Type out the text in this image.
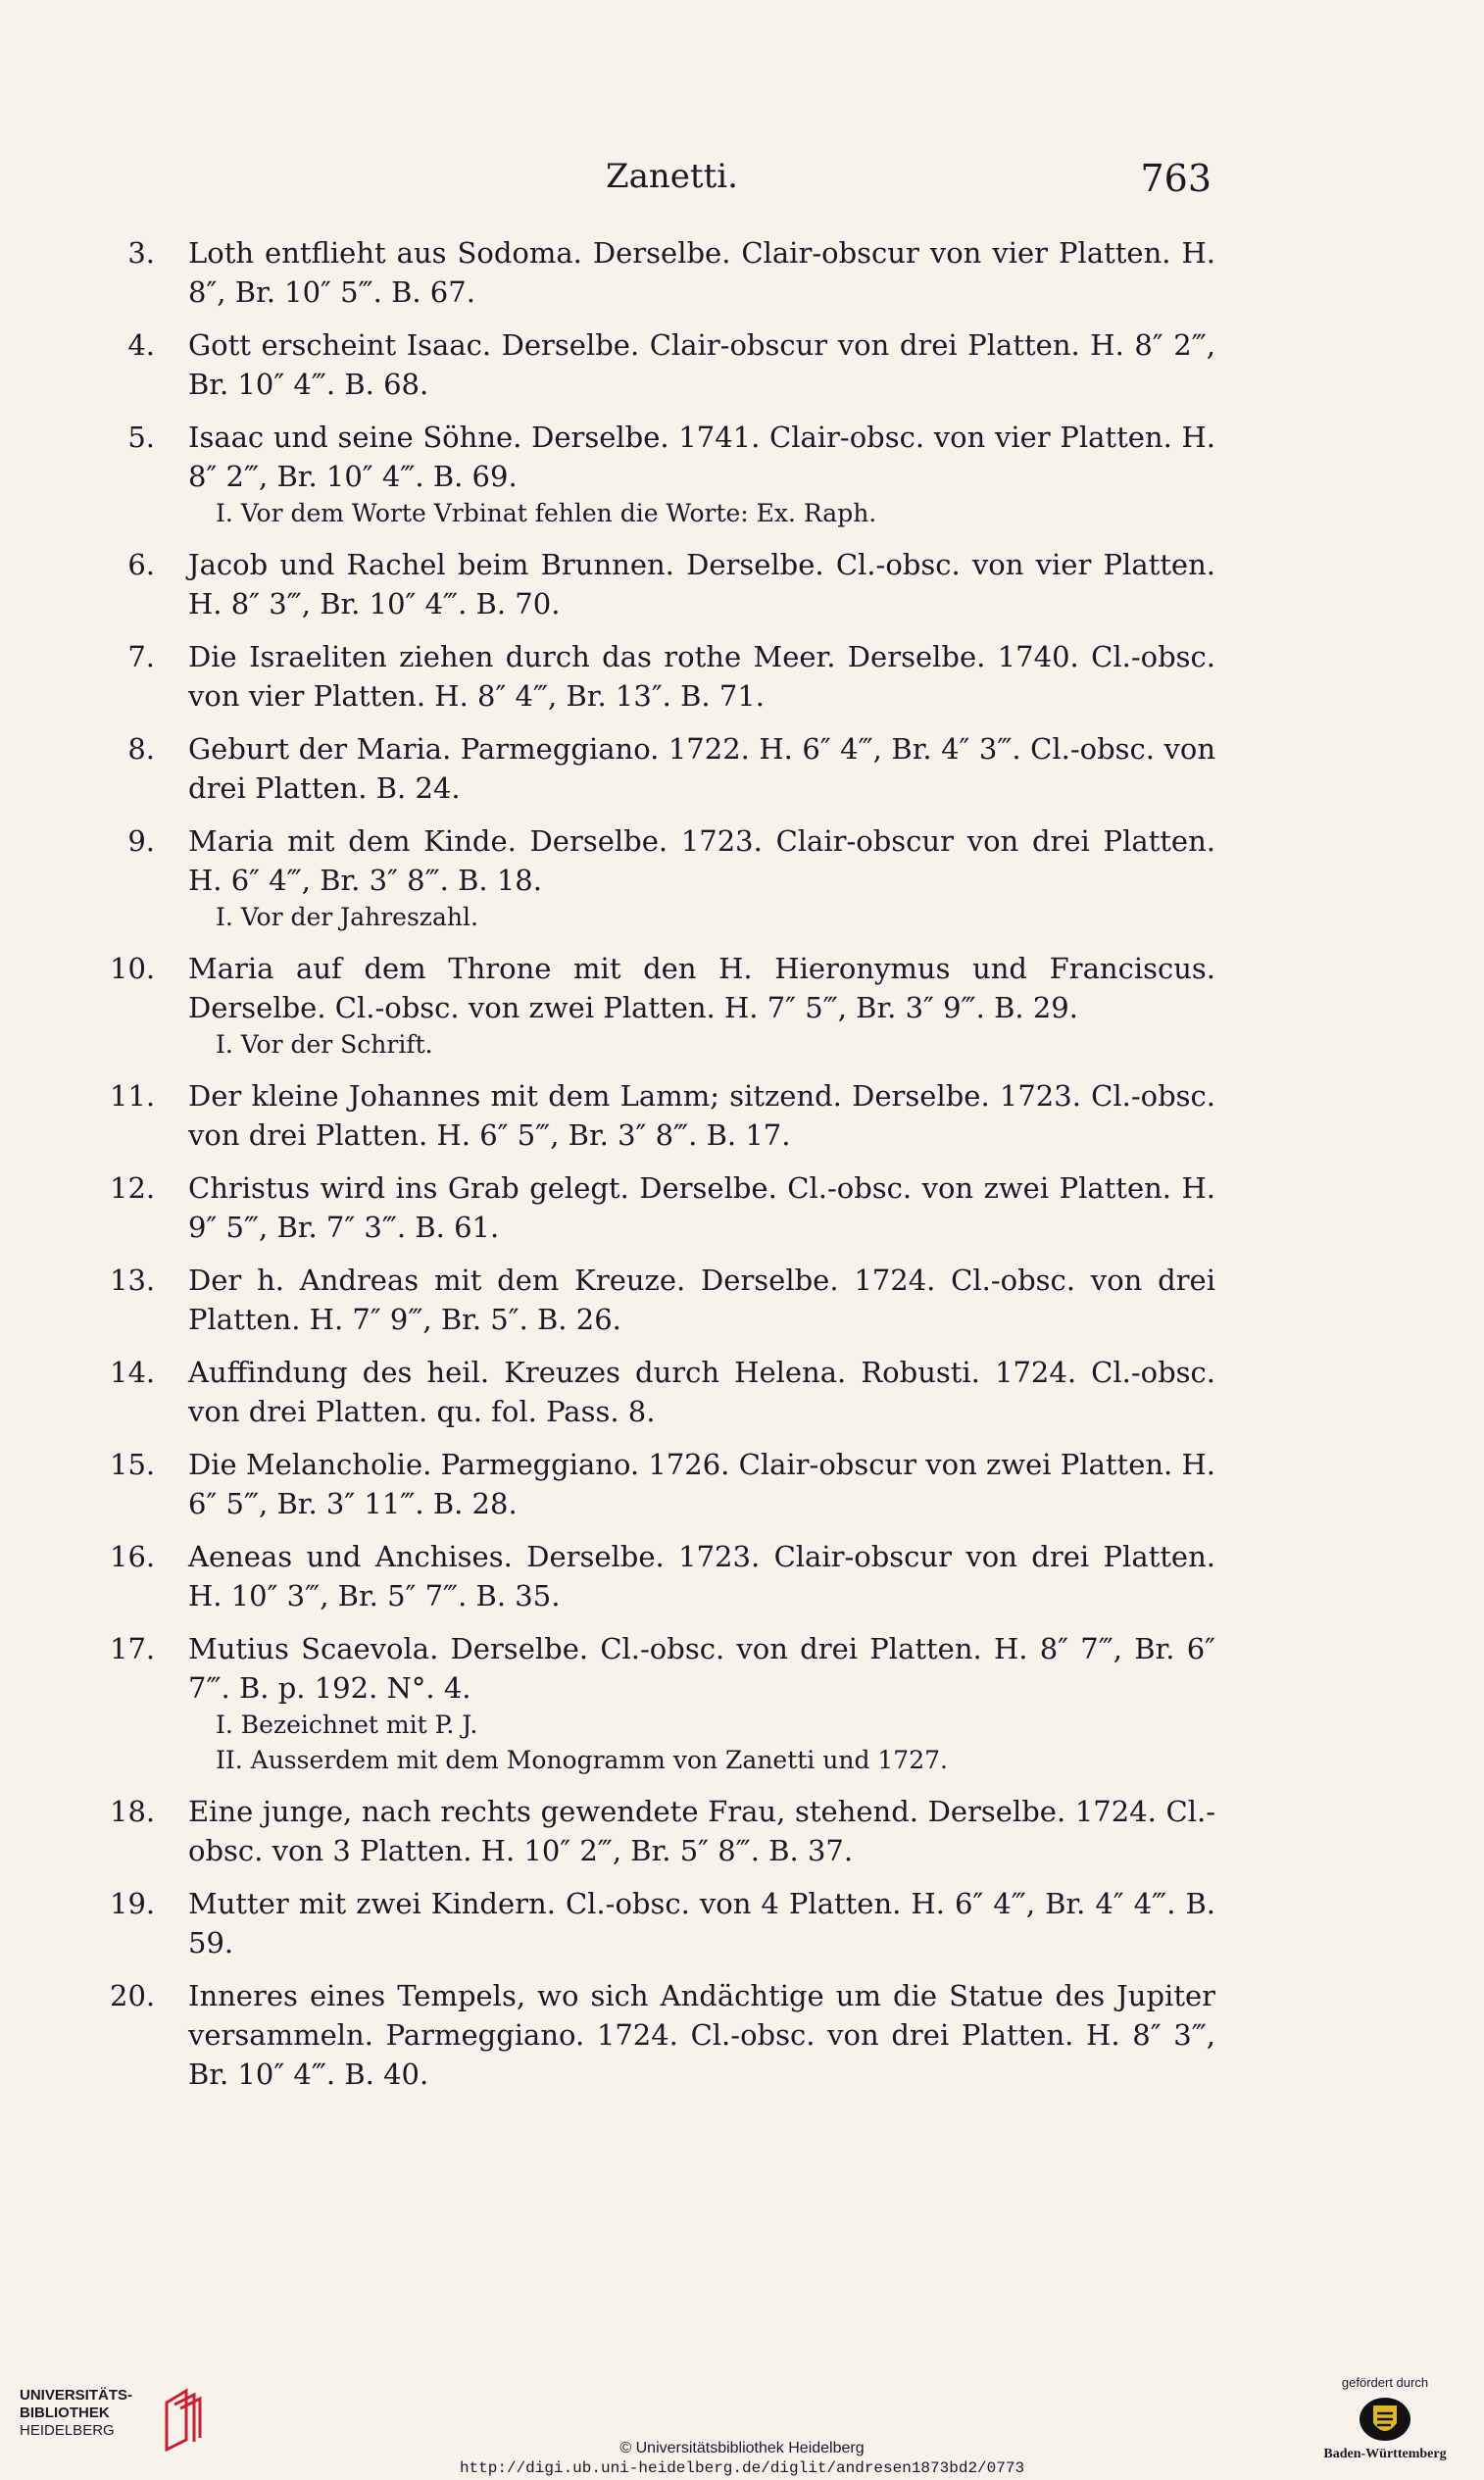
Zanetti.	763
3. Loth entflieht aus Sodoma. Derselbe. Clair-obscur von vier Platten. H. 8″, Br. 10″ 5‴. B. 67.
4. Gott erscheint Isaac. Derselbe. Clair-obscur von drei Platten. H. 8″ 2‴, Br. 10″ 4‴. B. 68.
5. Isaac und seine Söhne. Derselbe. 1741. Clair-obsc. von vier Platten. H. 8″ 2‴, Br. 10″ 4‴. B. 69.
I. Vor dem Worte Vrbinat fehlen die Worte: Ex. Raph.
6. Jacob und Rachel beim Brunnen. Derselbe. Cl.-obsc. von vier Platten. H. 8″ 3‴, Br. 10″ 4‴. B. 70.
7. Die Israeliten ziehen durch das rothe Meer. Derselbe. 1740. Cl.-obsc. von vier Platten. H. 8″ 4‴, Br. 13″. B. 71.
8. Geburt der Maria. Parmeggiano. 1722. H. 6″ 4‴, Br. 4″ 3‴. Cl.-obsc. von drei Platten. B. 24.
9. Maria mit dem Kinde. Derselbe. 1723. Clair-obscur von drei Platten. H. 6″ 4‴, Br. 3″ 8‴. B. 18.
I. Vor der Jahreszahl.
10. Maria auf dem Throne mit den H. Hieronymus und Franciscus. Derselbe. Cl.-obsc. von zwei Platten. H. 7″ 5‴, Br. 3″ 9‴. B. 29.
I. Vor der Schrift.
11. Der kleine Johannes mit dem Lamm; sitzend. Derselbe. 1723. Cl.-obsc. von drei Platten. H. 6″ 5‴, Br. 3″ 8‴. B. 17.
12. Christus wird ins Grab gelegt. Derselbe. Cl.-obsc. von zwei Platten. H. 9″ 5‴, Br. 7″ 3‴. B. 61.
13. Der h. Andreas mit dem Kreuze. Derselbe. 1724. Cl.-obsc. von drei Platten. H. 7″ 9‴, Br. 5″. B. 26.
14. Auffindung des heil. Kreuzes durch Helena. Robusti. 1724. Cl.-obsc. von drei Platten. qu. fol. Pass. 8.
15. Die Melancholie. Parmeggiano. 1726. Clair-obscur von zwei Platten. H. 6″ 5‴, Br. 3″ 11‴. B. 28.
16. Aeneas und Anchises. Derselbe. 1723. Clair-obscur von drei Platten. H. 10″ 3‴, Br. 5″ 7‴. B. 35.
17. Mutius Scaevola. Derselbe. Cl.-obsc. von drei Platten. H. 8″ 7‴, Br. 6″ 7‴. B. p. 192. N°. 4.
I. Bezeichnet mit P. J.
II. Ausserdem mit dem Monogramm von Zanetti und 1727.
18. Eine junge, nach rechts gewendete Frau, stehend. Derselbe. 1724. Cl.-obsc. von 3 Platten. H. 10″ 2‴, Br. 5″ 8‴. B. 37.
19. Mutter mit zwei Kindern. Cl.-obsc. von 4 Platten. H. 6″ 4‴, Br. 4″ 4‴. B. 59.
20. Inneres eines Tempels, wo sich Andächtige um die Statue des Jupiter versammeln. Parmeggiano. 1724. Cl.-obsc. von drei Platten. H. 8″ 3‴, Br. 10″ 4‴. B. 40.
UNIVERSITÄTS-
BIBLIOTHEK
HEIDELBERG
© Universitätsbibliothek Heidelberg
http://digi.ub.uni-heidelberg.de/diglit/andresen1873bd2/0773
gefördert durch
Baden-Württemberg
